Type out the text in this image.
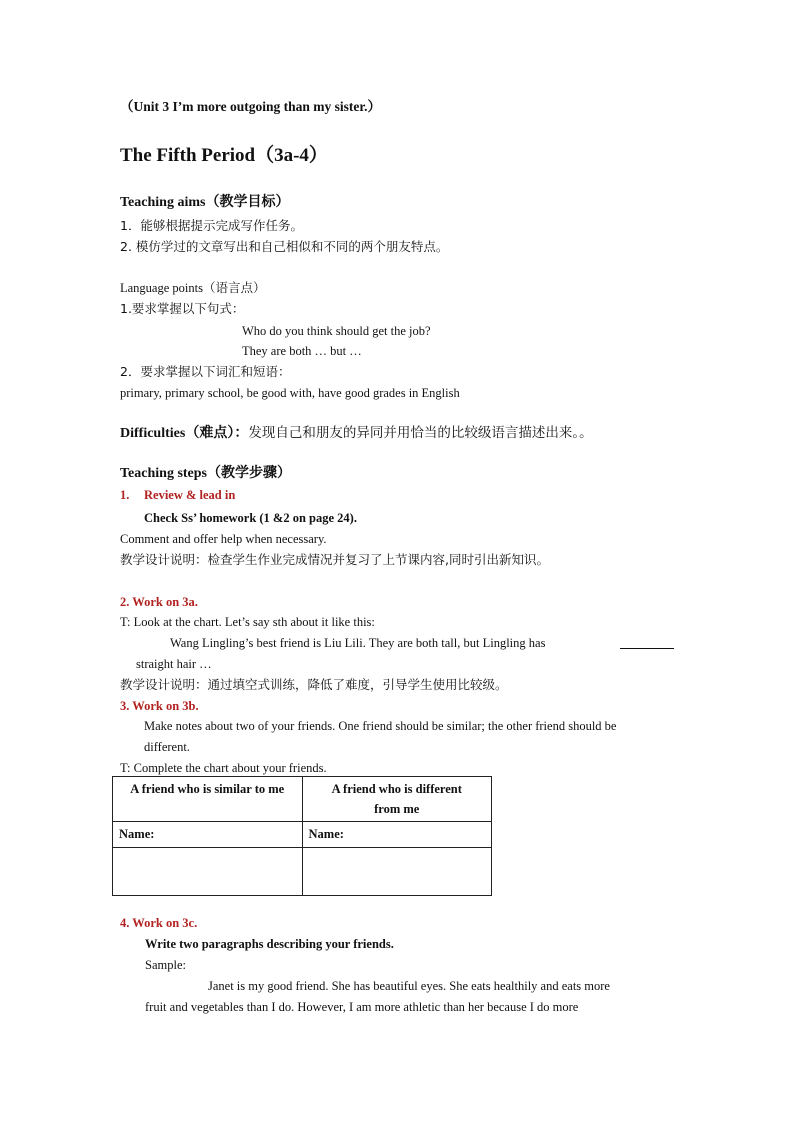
（Unit 3 I’m more outgoing than my sister.）
The Fifth Period（3a-4）
Teaching aims（教学目标）
1．能够根据提示完成写作任务。
2. 模仿学过的文章写出和自己相似和不同的两个朋友特点。
Language points（语言点）
1.要求掌握以下句式：
Who do you think should get the job?
They are both … but …
2．要求掌握以下词汇和短语：
primary, primary school, be good with, have good grades in English
Difficulties（难点）：发现自己和朋友的异同并用恰当的比较级语言描述出来。。
Teaching steps（教学步骤）
1. Review & lead in
Check Ss’ homework (1 &2 on page 24).
Comment and offer help when necessary.
教学设计说明：检查学生作业完成情况并复习了上节课内容,同时引出新知识。
2. Work on 3a.
T: Look at the chart. Let’s say sth about it like this:
Wang Lingling’s best friend is Liu Lili. They are both tall, but Lingling has
straight hair …
教学设计说明：通过填空式训练，降低了难度，引导学生使用比较级。
3. Work on 3b.
Make notes about two of your friends. One friend should be similar; the other friend should be
different.
T: Complete the chart about your friends.
A friend who is similar to me	A friend who is different
from me

Name:	Name:

4. Work on 3c.
Write two paragraphs describing your friends.
Sample:
Janet is my good friend. She has beautiful eyes. She eats healthily and eats more
fruit and vegetables than I do. However, I am more athletic than her because I do more
